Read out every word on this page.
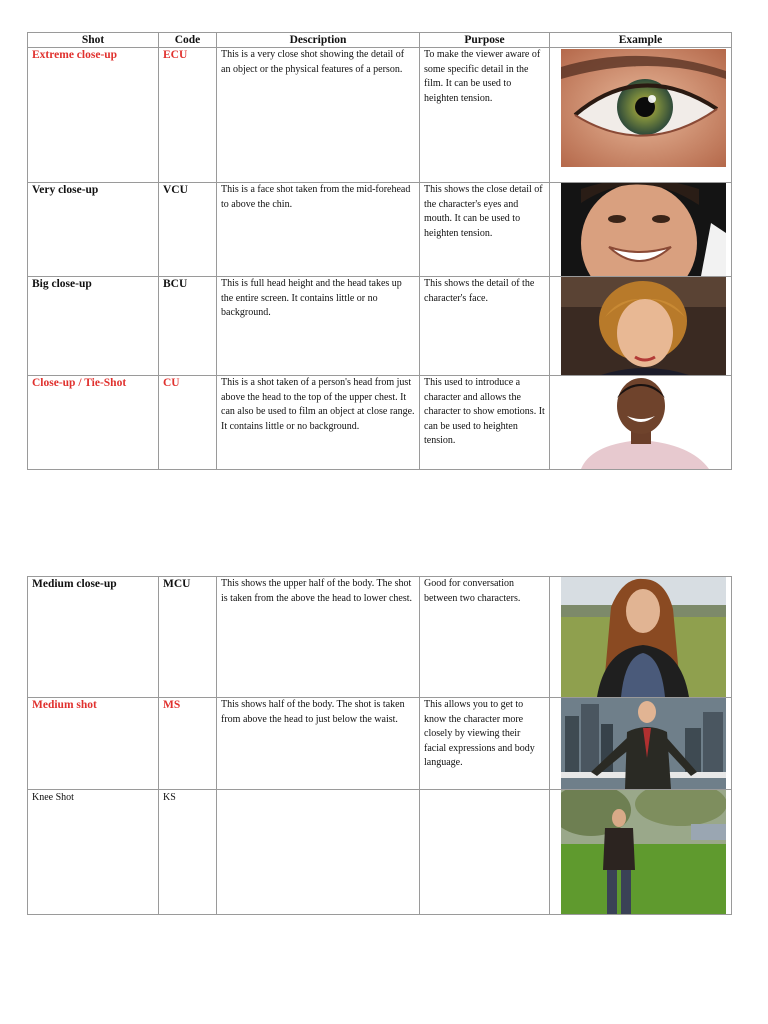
Shot	Code	Description	Purpose	Example
Extreme close-up	ECU	This is a very close shot showing the detail of an object or the physical features of a person.	To make the viewer aware of some specific detail in the film. It can be used to heighten tension.	

Very close-up	VCU	This is a face shot taken from the mid-forehead to above the chin.	This shows the close detail of the character's eyes and mouth. It can be used to heighten tension.	

Big close-up	BCU	This is full head height and the head takes up the entire screen. It contains little or no background.	This shows the detail of the character's face.	

Close-up / Tie-Shot	CU	This is a shot taken of a person's head from just above the head to the top of the upper chest. It can also be used to film an object at close range. It contains little or no background.	This used to introduce a character and allows the character to show emotions. It can be used to heighten tension.	
Medium close-up	MCU	This shows the upper half of the body. The shot is taken from the above the head to lower chest.	Good for conversation between two characters.	

Medium shot	MS	This shows half of the body. The shot is taken from above the head to just below the waist.	This allows you to get to know the character more closely by viewing their facial expressions and body language.	

Knee Shot	KS			
